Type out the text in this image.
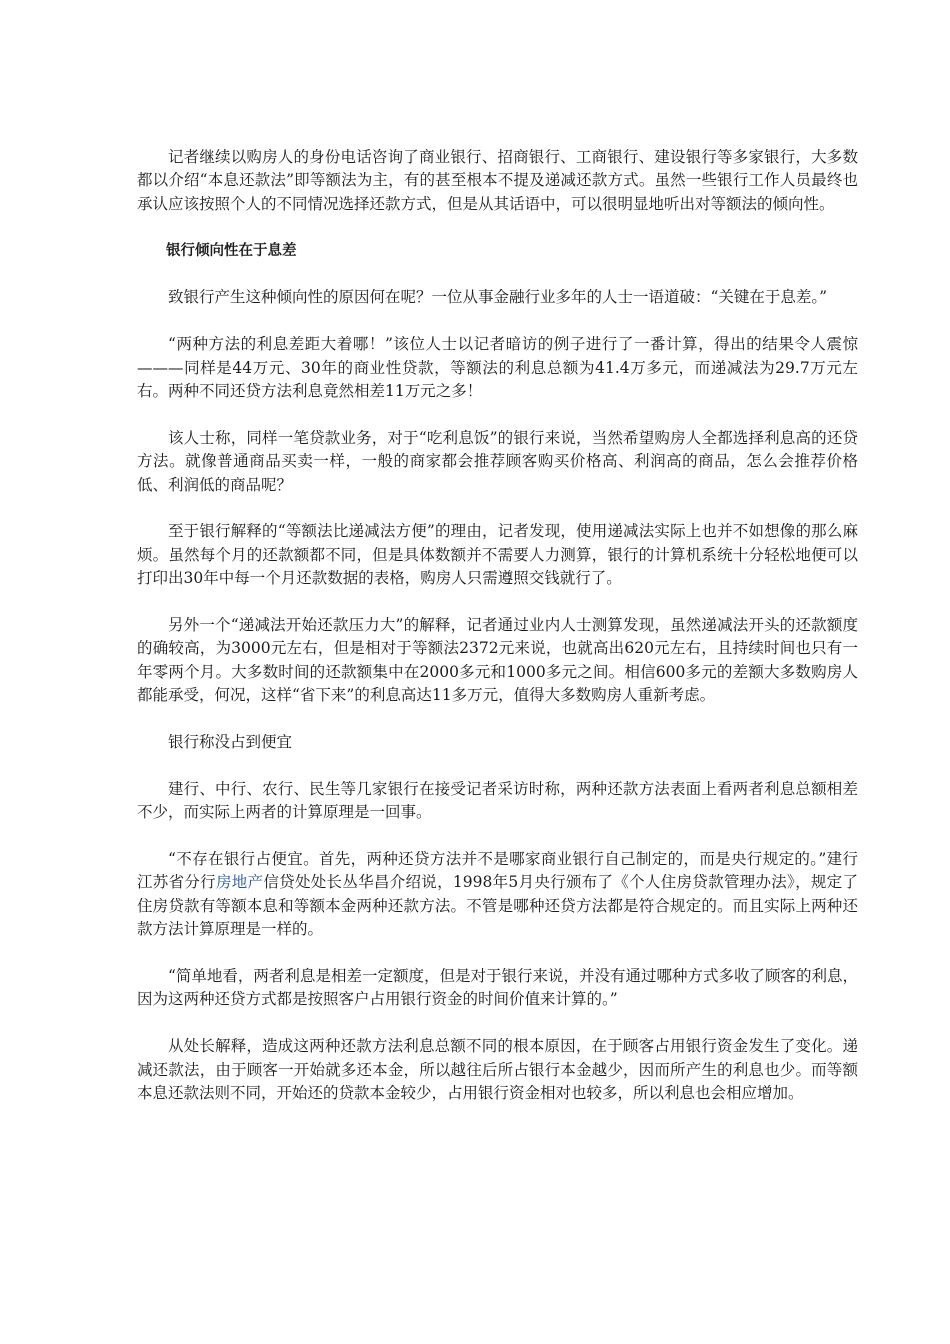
记者继续以购房人的身份电话咨询了商业银行、招商银行、工商银行、建设银行等多家银行，大多数都以介绍“本息还款法”即等额法为主，有的甚至根本不提及递减还款方式。虽然一些银行工作人员最终也承认应该按照个人的不同情况选择还款方式，但是从其话语中，可以很明显地听出对等额法的倾向性。

银行倾向性在于息差

致银行产生这种倾向性的原因何在呢？一位从事金融行业多年的人士一语道破：“关键在于息差。”

“两种方法的利息差距大着哪！”该位人士以记者暗访的例子进行了一番计算，得出的结果令人震惊———同样是44万元、30年的商业性贷款，等额法的利息总额为41.4万多元，而递减法为29.7万元左右。两种不同还贷方法利息竟然相差11万元之多！

该人士称，同样一笔贷款业务，对于“吃利息饭”的银行来说，当然希望购房人全都选择利息高的还贷方法。就像普通商品买卖一样，一般的商家都会推荐顾客购买价格高、利润高的商品，怎么会推荐价格低、利润低的商品呢？

至于银行解释的“等额法比递减法方便”的理由，记者发现，使用递减法实际上也并不如想像的那么麻烦。虽然每个月的还款额都不同，但是具体数额并不需要人力测算，银行的计算机系统十分轻松地便可以打印出30年中每一个月还款数据的表格，购房人只需遵照交钱就行了。

另外一个“递减法开始还款压力大”的解释，记者通过业内人士测算发现，虽然递减法开头的还款额度的确较高，为3000元左右，但是相对于等额法2372元来说，也就高出620元左右，且持续时间也只有一年零两个月。大多数时间的还款额集中在2000多元和1000多元之间。相信600多元的差额大多数购房人都能承受，何况，这样“省下来”的利息高达11多万元，值得大多数购房人重新考虑。

银行称没占到便宜

建行、中行、农行、民生等几家银行在接受记者采访时称，两种还款方法表面上看两者利息总额相差不少，而实际上两者的计算原理是一回事。

“不存在银行占便宜。首先，两种还贷方法并不是哪家商业银行自己制定的，而是央行规定的。”建行江苏省分行房地产信贷处处长丛华昌介绍说，1998年5月央行颁布了《个人住房贷款管理办法》，规定了住房贷款有等额本息和等额本金两种还款方法。不管是哪种还贷方法都是符合规定的。而且实际上两种还款方法计算原理是一样的。

“简单地看，两者利息是相差一定额度，但是对于银行来说，并没有通过哪种方式多收了顾客的利息，因为这两种还贷方式都是按照客户占用银行资金的时间价值来计算的。”

从处长解释，造成这两种还款方法利息总额不同的根本原因，在于顾客占用银行资金发生了变化。递减还款法，由于顾客一开始就多还本金，所以越往后所占银行本金越少，因而所产生的利息也少。而等额本息还款法则不同，开始还的贷款本金较少，占用银行资金相对也较多，所以利息也会相应增加。
